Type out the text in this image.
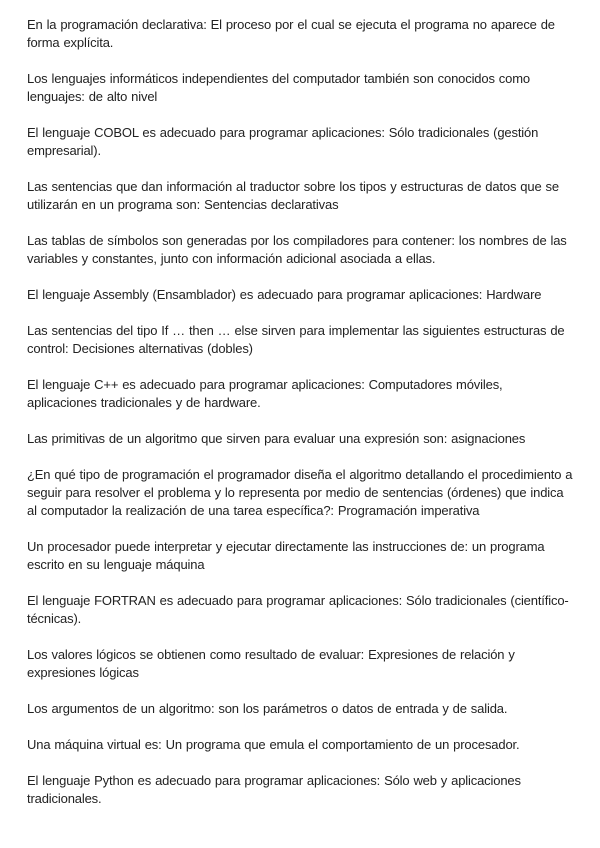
En la programación declarativa: El proceso por el cual se ejecuta el programa no aparece de forma explícita.

Los lenguajes informáticos independientes del computador también son conocidos como lenguajes: de alto nivel

El lenguaje COBOL es adecuado para programar aplicaciones: Sólo tradicionales (gestión empresarial).

Las sentencias que dan información al traductor sobre los tipos y estructuras de datos que se utilizarán en un programa son: Sentencias declarativas

Las tablas de símbolos son generadas por los compiladores para contener: los nombres de las variables y constantes, junto con información adicional asociada a ellas.

El lenguaje Assembly (Ensamblador) es adecuado para programar aplicaciones: Hardware

Las sentencias del tipo If … then … else sirven para implementar las siguientes estructuras de control: Decisiones alternativas (dobles)

El lenguaje C++ es adecuado para programar aplicaciones: Computadores móviles, aplicaciones tradicionales y de hardware.

Las primitivas de un algoritmo que sirven para evaluar una expresión son: asignaciones

¿En qué tipo de programación el programador diseña el algoritmo detallando el procedimiento a seguir para resolver el problema y lo representa por medio de sentencias (órdenes) que indica al computador la realización de una tarea específica?: Programación imperativa

Un procesador puede interpretar y ejecutar directamente las instrucciones de: un programa escrito en su lenguaje máquina

El lenguaje FORTRAN es adecuado para programar aplicaciones: Sólo tradicionales (científico-técnicas).

Los valores lógicos se obtienen como resultado de evaluar: Expresiones de relación y expresiones lógicas

Los argumentos de un algoritmo: son los parámetros o datos de entrada y de salida.

Una máquina virtual es: Un programa que emula el comportamiento de un procesador.

El lenguaje Python es adecuado para programar aplicaciones: Sólo web y aplicaciones tradicionales.
